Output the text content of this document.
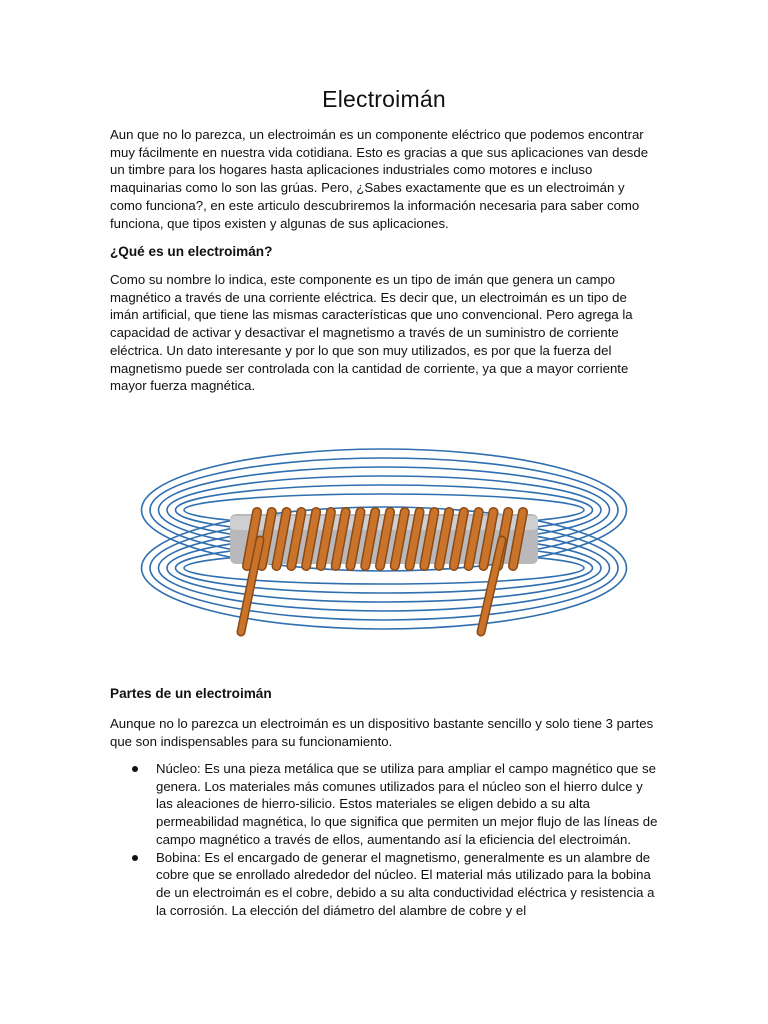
Electroimán

Aun que no lo parezca, un electroimán es un componente eléctrico que podemos encontrar muy fácilmente en nuestra vida cotidiana. Esto es gracias a que sus aplicaciones van desde un timbre para los hogares hasta aplicaciones industriales como motores e incluso maquinarias como lo son las grúas. Pero, ¿Sabes exactamente que es un electroimán y como funciona?, en este articulo descubriremos la información necesaria para saber como funciona, que tipos existen y algunas de sus aplicaciones.

¿Qué es un electroimán?

Como su nombre lo indica, este componente es un tipo de imán que genera un campo magnético a través de una corriente eléctrica. Es decir que, un electroimán es un tipo de imán artificial, que tiene las mismas características que uno convencional. Pero agrega la capacidad de activar y desactivar el magnetismo a través de un suministro de corriente eléctrica. Un dato interesante y por lo que son muy utilizados, es por que la fuerza del magnetismo puede ser controlada con la cantidad de corriente, ya que a mayor corriente mayor fuerza magnética.

Partes de un electroimán

Aunque no lo parezca un electroimán es un dispositivo bastante sencillo y solo tiene 3 partes que son indispensables para su funcionamiento.

Núcleo: Es una pieza metálica que se utiliza para ampliar el campo magnético que se genera. Los materiales más comunes utilizados para el núcleo son el hierro dulce y las aleaciones de hierro-silicio. Estos materiales se eligen debido a su alta permeabilidad magnética, lo que significa que permiten un mejor flujo de las líneas de campo magnético a través de ellos, aumentando así la eficiencia del electroimán.
Bobina: Es el encargado de generar el magnetismo, generalmente es un alambre de cobre que se enrollado alrededor del núcleo. El material más utilizado para la bobina de un electroimán es el cobre, debido a su alta conductividad eléctrica y resistencia a la corrosión. La elección del diámetro del alambre de cobre y el
